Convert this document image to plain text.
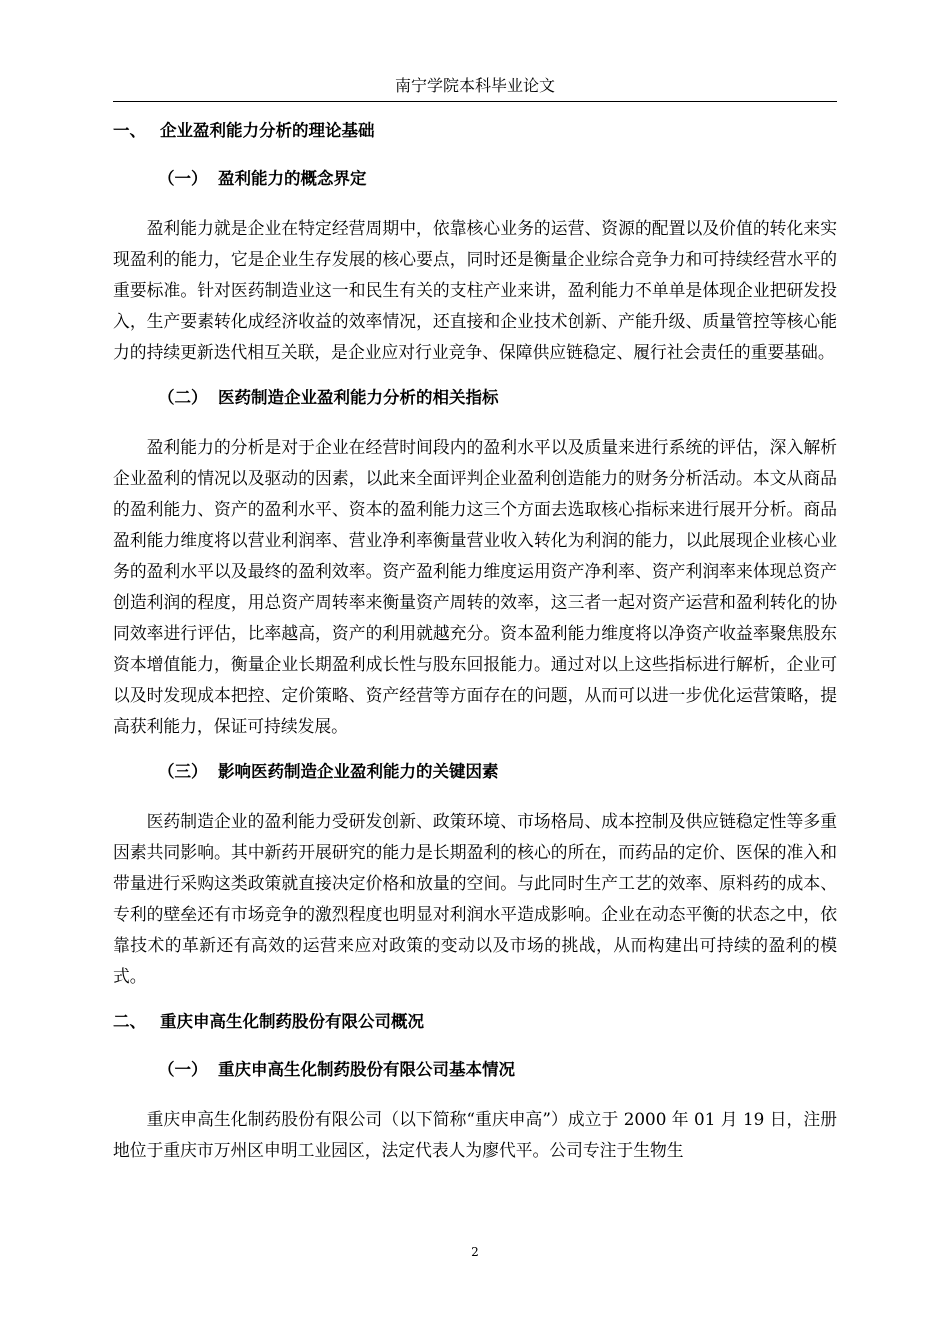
南宁学院本科毕业论文
一、 企业盈利能力分析的理论基础
（一） 盈利能力的概念界定

盈利能力就是企业在特定经营周期中，依靠核心业务的运营、资源的配置以及价值的转化来实现盈利的能力，它是企业生存发展的核心要点，同时还是衡量企业综合竞争力和可持续经营水平的重要标准。针对医药制造业这一和民生有关的支柱产业来讲，盈利能力不单单是体现企业把研发投入，生产要素转化成经济收益的效率情况，还直接和企业技术创新、产能升级、质量管控等核心能力的持续更新迭代相互关联，是企业应对行业竞争、保障供应链稳定、履行社会责任的重要基础。

（二） 医药制造企业盈利能力分析的相关指标

盈利能力的分析是对于企业在经营时间段内的盈利水平以及质量来进行系统的评估，深入解析企业盈利的情况以及驱动的因素，以此来全面评判企业盈利创造能力的财务分析活动。本文从商品的盈利能力、资产的盈利水平、资本的盈利能力这三个方面去选取核心指标来进行展开分析。商品盈利能力维度将以营业利润率、营业净利率衡量营业收入转化为利润的能力，以此展现企业核心业务的盈利水平以及最终的盈利效率。资产盈利能力维度运用资产净利率、资产利润率来体现总资产创造利润的程度，用总资产周转率来衡量资产周转的效率，这三者一起对资产运营和盈利转化的协同效率进行评估，比率越高，资产的利用就越充分。资本盈利能力维度将以净资产收益率聚焦股东资本增值能力，衡量企业长期盈利成长性与股东回报能力。通过对以上这些指标进行解析，企业可以及时发现成本把控、定价策略、资产经营等方面存在的问题，从而可以进一步优化运营策略，提高获利能力，保证可持续发展。

（三） 影响医药制造企业盈利能力的关键因素

医药制造企业的盈利能力受研发创新、政策环境、市场格局、成本控制及供应链稳定性等多重因素共同影响。其中新药开展研究的能力是长期盈利的核心的所在，而药品的定价、医保的准入和带量进行采购这类政策就直接决定价格和放量的空间。与此同时生产工艺的效率、原料药的成本、专利的壁垒还有市场竞争的激烈程度也明显对利润水平造成影响。企业在动态平衡的状态之中，依靠技术的革新还有高效的运营来应对政策的变动以及市场的挑战，从而构建出可持续的盈利的模式。

二、 重庆申高生化制药股份有限公司概况
（一） 重庆申高生化制药股份有限公司基本情况

重庆申高生化制药股份有限公司（以下简称“重庆申高”）成立于 2000 年 01 月 19 日，注册地位于重庆市万州区申明工业园区，法定代表人为廖代平。公司专注于生物生

2
